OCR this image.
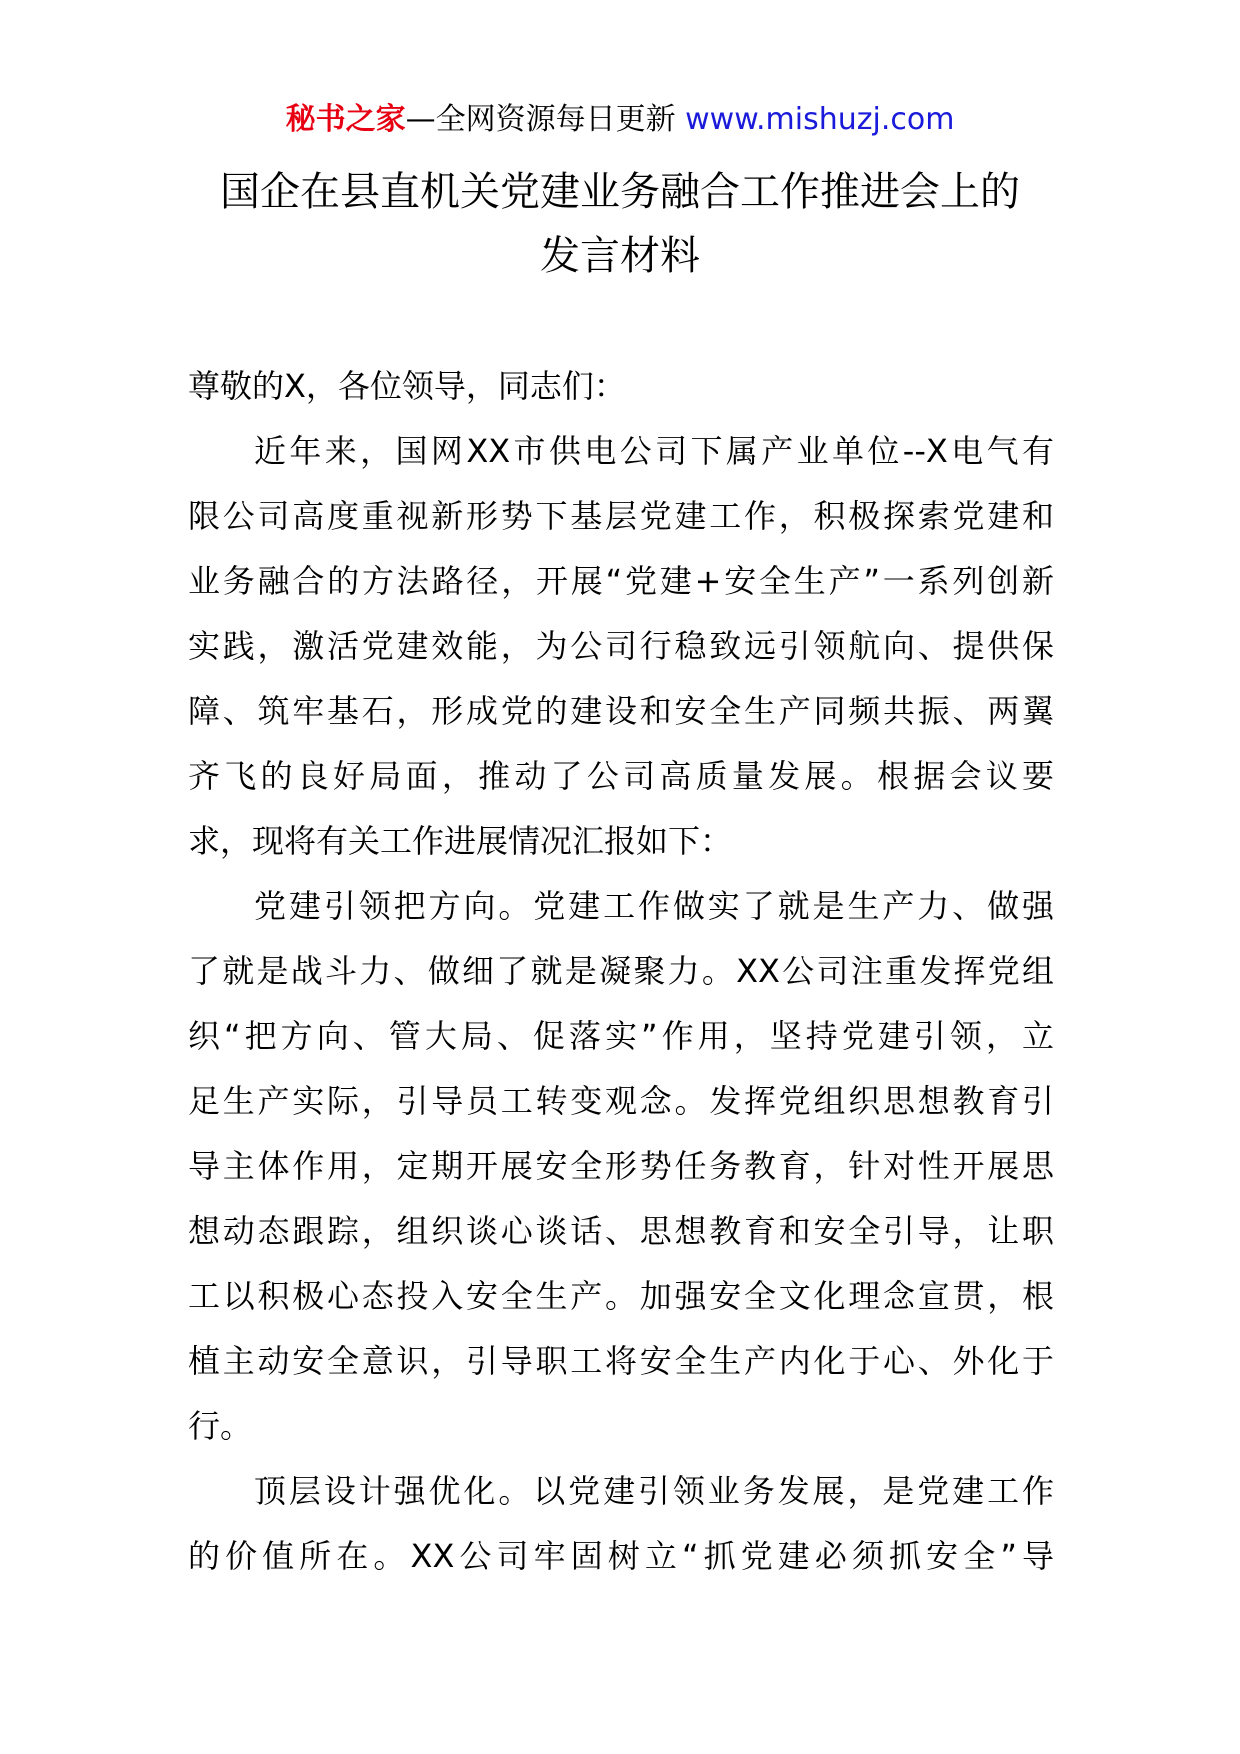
秘书之家—全网资源每日更新 www.mishuzj.com
国企在县直机关党建业务融合工作推进会上的
发言材料
尊敬的X，各位领导，同志们：
近年来，国网XX市供电公司下属产业单位--X电气有
限公司高度重视新形势下基层党建工作，积极探索党建和
业务融合的方法路径，开展“党建+安全生产”一系列创新
实践，激活党建效能，为公司行稳致远引领航向、提供保
障、筑牢基石，形成党的建设和安全生产同频共振、两翼
齐飞的良好局面，推动了公司高质量发展。根据会议要
求，现将有关工作进展情况汇报如下：
党建引领把方向。党建工作做实了就是生产力、做强
了就是战斗力、做细了就是凝聚力。XX公司注重发挥党组
织“把方向、管大局、促落实”作用，坚持党建引领，立
足生产实际，引导员工转变观念。发挥党组织思想教育引
导主体作用，定期开展安全形势任务教育，针对性开展思
想动态跟踪，组织谈心谈话、思想教育和安全引导，让职
工以积极心态投入安全生产。加强安全文化理念宣贯，根
植主动安全意识，引导职工将安全生产内化于心、外化于
行。
顶层设计强优化。以党建引领业务发展，是党建工作
的价值所在。XX公司牢固树立“抓党建必须抓安全”导
